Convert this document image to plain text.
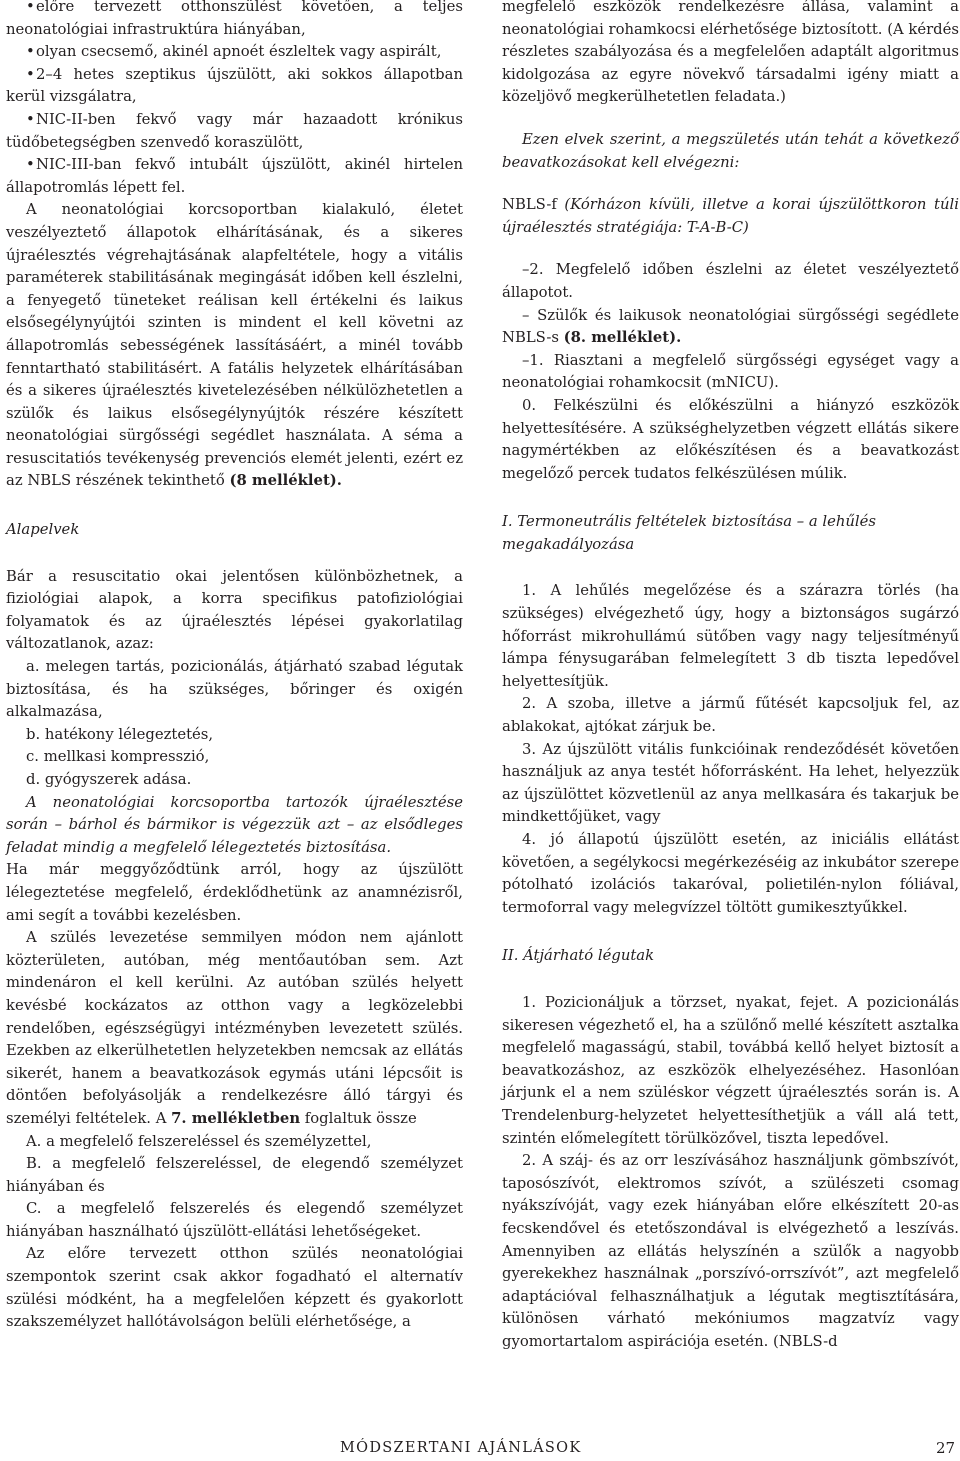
•előre tervezett otthonszülést követően, a teljes neonatológiai infrastruktúra hiányában,

•olyan csecsemő, akinél apnoét észleltek vagy aspirált,

•2–4 hetes szeptikus újszülött, aki sokkos állapotban kerül vizsgálatra,

•NIC-II-ben fekvő vagy már hazaadott krónikus tüdőbetegségben szenvedő koraszülött,

•NIC-III-ban fekvő intubált újszülött, akinél hirtelen állapotromlás lépett fel.

A neonatológiai korcsoportban kialakuló, életet veszélyeztető állapotok elhárításának, és a sikeres újraélesztés végrehajtásának alapfeltétele, hogy a vitális paraméterek stabilitásának megingását időben kell észlelni, a fenyegető tüneteket reálisan kell értékelni és laikus elsősegélynyújtói szinten is mindent el kell követni az állapotromlás sebességének lassításáért, a minél tovább fenntartható stabilitásért. A fatális helyzetek elhárításában és a sikeres újraélesztés kivetelezésében nélkülözhetetlen a szülők és laikus elsősegélynyújtók részére készített neonatológiai sürgősségi segédlet használata. A séma a resuscitatiós tevékenység prevenciós elemét jelenti, ezért ez az NBLS részének tekinthető (8 melléklet).

Alapelvek

Bár a resuscitatio okai jelentősen különbözhetnek, a fiziológiai alapok, a korra specifikus patofiziológiai folyamatok és az újraélesztés lépései gyakorlatilag változatlanok, azaz:

a. melegen tartás, pozicionálás, átjárható szabad légutak biztosítása, és ha szükséges, bőringer és oxigén alkalmazása,

b. hatékony lélegeztetés,

c. mellkasi kompresszió,

d. gyógyszerek adása.

A neonatológiai korcsoportba tartozók újraélesztése során – bárhol és bármikor is végezzük azt – az elsődleges feladat mindig a megfelelő lélegeztetés biztosítása.

Ha már meggyőződtünk arról, hogy az újszülött lélegeztetése megfelelő, érdeklődhetünk az anamnézisről, ami segít a további kezelésben.

A szülés levezetése semmilyen módon nem ajánlott közterületen, autóban, még mentőautóban sem. Azt mindenáron el kell kerülni. Az autóban szülés helyett kevésbé kockázatos az otthon vagy a legközelebbi rendelőben, egészségügyi intézményben levezetett szülés. Ezekben az elkerülhetetlen helyzetekben nemcsak az ellátás sikerét, hanem a beavatkozások egymás utáni lépcsőit is döntően befolyásolják a rendelkezésre álló tárgyi és személyi feltételek. A 7. mellékletben foglaltuk össze

A. a megfelelő felszereléssel és személyzettel,

B. a megfelelő felszereléssel, de elegendő személyzet hiányában és

C. a megfelelő felszerelés és elegendő személyzet hiányában használható újszülött-ellátási lehetőségeket.

Az előre tervezett otthon szülés neonatológiai szempontok szerint csak akkor fogadható el alternatív szülési módként, ha a megfelelően képzett és gyakorlott szakszemélyzet hallótávolságon belüli elérhetősége, a

megfelelő eszközök rendelkezésre állása, valamint a neonatológiai rohamkocsi elérhetősége biztosított. (A kérdés részletes szabályozása és a megfelelően adaptált algoritmus kidolgozása az egyre növekvő társadalmi igény miatt a közeljövő megkerülhetetlen feladata.)

Ezen elvek szerint, a megszületés után tehát a következő beavatkozásokat kell elvégezni:

NBLS-f (Kórházon kívüli, illetve a korai újszülöttkoron túli újraélesztés stratégiája: T-A-B-C)

–2. Megfelelő időben észlelni az életet veszélyeztető állapotot.

– Szülők és laikusok neonatológiai sürgősségi segédlete NBLS-s (8. melléklet).

–1. Riasztani a megfelelő sürgősségi egységet vagy a neonatológiai rohamkocsit (mNICU).

0. Felkészülni és előkészülni a hiányzó eszközök helyettesítésére. A szükséghelyzetben végzett ellátás sikere nagymértékben az előkészítésen és a beavatkozást megelőző percek tudatos felkészülésen múlik.

I. Termoneutrális feltételek biztosítása – a lehűlés megakadályozása

1. A lehűlés megelőzése és a szárazra törlés (ha szükséges) elvégezhető úgy, hogy a biztonságos sugárzó hőforrást mikrohullámú sütőben vagy nagy teljesítményű lámpa fénysugarában felmelegített 3 db tiszta lepedővel helyettesítjük.

2. A szoba, illetve a jármű fűtését kapcsoljuk fel, az ablakokat, ajtókat zárjuk be.

3. Az újszülött vitális funkcióinak rendeződését követően használjuk az anya testét hőforrásként. Ha lehet, helyezzük az újszülöttet közvetlenül az anya mellkasára és takarjuk be mindkettőjüket, vagy

4. jó állapotú újszülött esetén, az iniciális ellátást követően, a segélykocsi megérkezéséig az inkubátor szerepe pótolható izolációs takaróval, polietilén-nylon fóliával, termoforral vagy melegvízzel töltött gumikesztyűkkel.

II. Átjárható légutak

1. Pozicionáljuk a törzset, nyakat, fejet. A pozicionálás sikeresen végezhető el, ha a szülőnő mellé készített asztalka megfelelő magasságú, stabil, továbbá kellő helyet biztosít a beavatkozáshoz, az eszközök elhelyezéséhez. Hasonlóan járjunk el a nem szüléskor végzett újraélesztés során is. A Trendelenburg-helyzetet helyettesíthetjük a váll alá tett, szintén előmelegített törülközővel, tiszta lepedővel.

2. A száj- és az orr leszívásához használjunk gömbszívót, taposószívót, elektromos szívót, a szülészeti csomag nyákszívóját, vagy ezek hiányában előre elkészített 20-as fecskendővel és etetőszondával is elvégezhető a leszívás. Amennyiben az ellátás helyszínén a szülők a nagyobb gyerekekhez használnak „porszívó-orrszívót”, azt megfelelő adaptációval felhasználhatjuk a légutak megtisztítására, különösen várható mekóniumos magzatvíz vagy gyomortartalom aspirációja esetén. (NBLS-d

MÓDSZERTANI AJÁNLÁSOK	27
